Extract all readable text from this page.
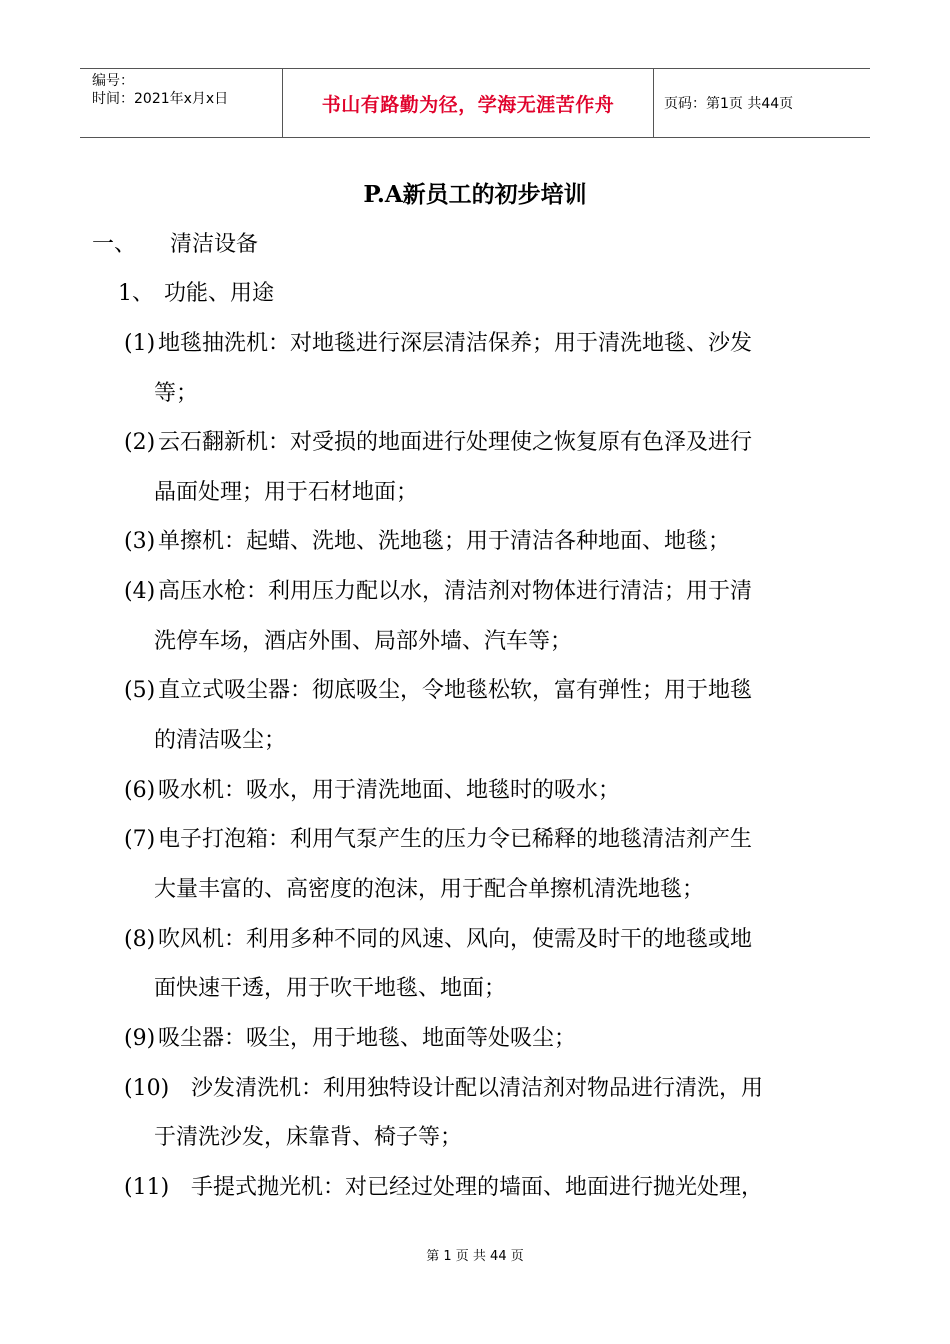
编号：
时间：2021年x月x日	书山有路勤为径，学海无涯苦作舟	页码：第1页 共44页
P.A新员工的初步培训
一、 清洁设备
1、 功能、用途
(1) 地毯抽洗机：对地毯进行深层清洁保养；用于清洗地毯、沙发
等；
(2) 云石翻新机：对受损的地面进行处理使之恢复原有色泽及进行
晶面处理；用于石材地面；
(3) 单擦机：起蜡、洗地、洗地毯；用于清洁各种地面、地毯；
(4) 高压水枪：利用压力配以水，清洁剂对物体进行清洁；用于清
洗停车场，酒店外围、局部外墙、汽车等；
(5) 直立式吸尘器：彻底吸尘，令地毯松软，富有弹性；用于地毯
的清洁吸尘；
(6) 吸水机：吸水，用于清洗地面、地毯时的吸水；
(7) 电子打泡箱：利用气泵产生的压力令已稀释的地毯清洁剂产生
大量丰富的、高密度的泡沫，用于配合单擦机清洗地毯；
(8) 吹风机：利用多种不同的风速、风向，使需及时干的地毯或地
面快速干透，用于吹干地毯、地面；
(9) 吸尘器：吸尘，用于地毯、地面等处吸尘；
(10) 沙发清洗机：利用独特设计配以清洁剂对物品进行清洗，用
于清洗沙发，床靠背、椅子等；
(11) 手提式抛光机：对已经过处理的墙面、地面进行抛光处理，
第 1 页 共 44 页
